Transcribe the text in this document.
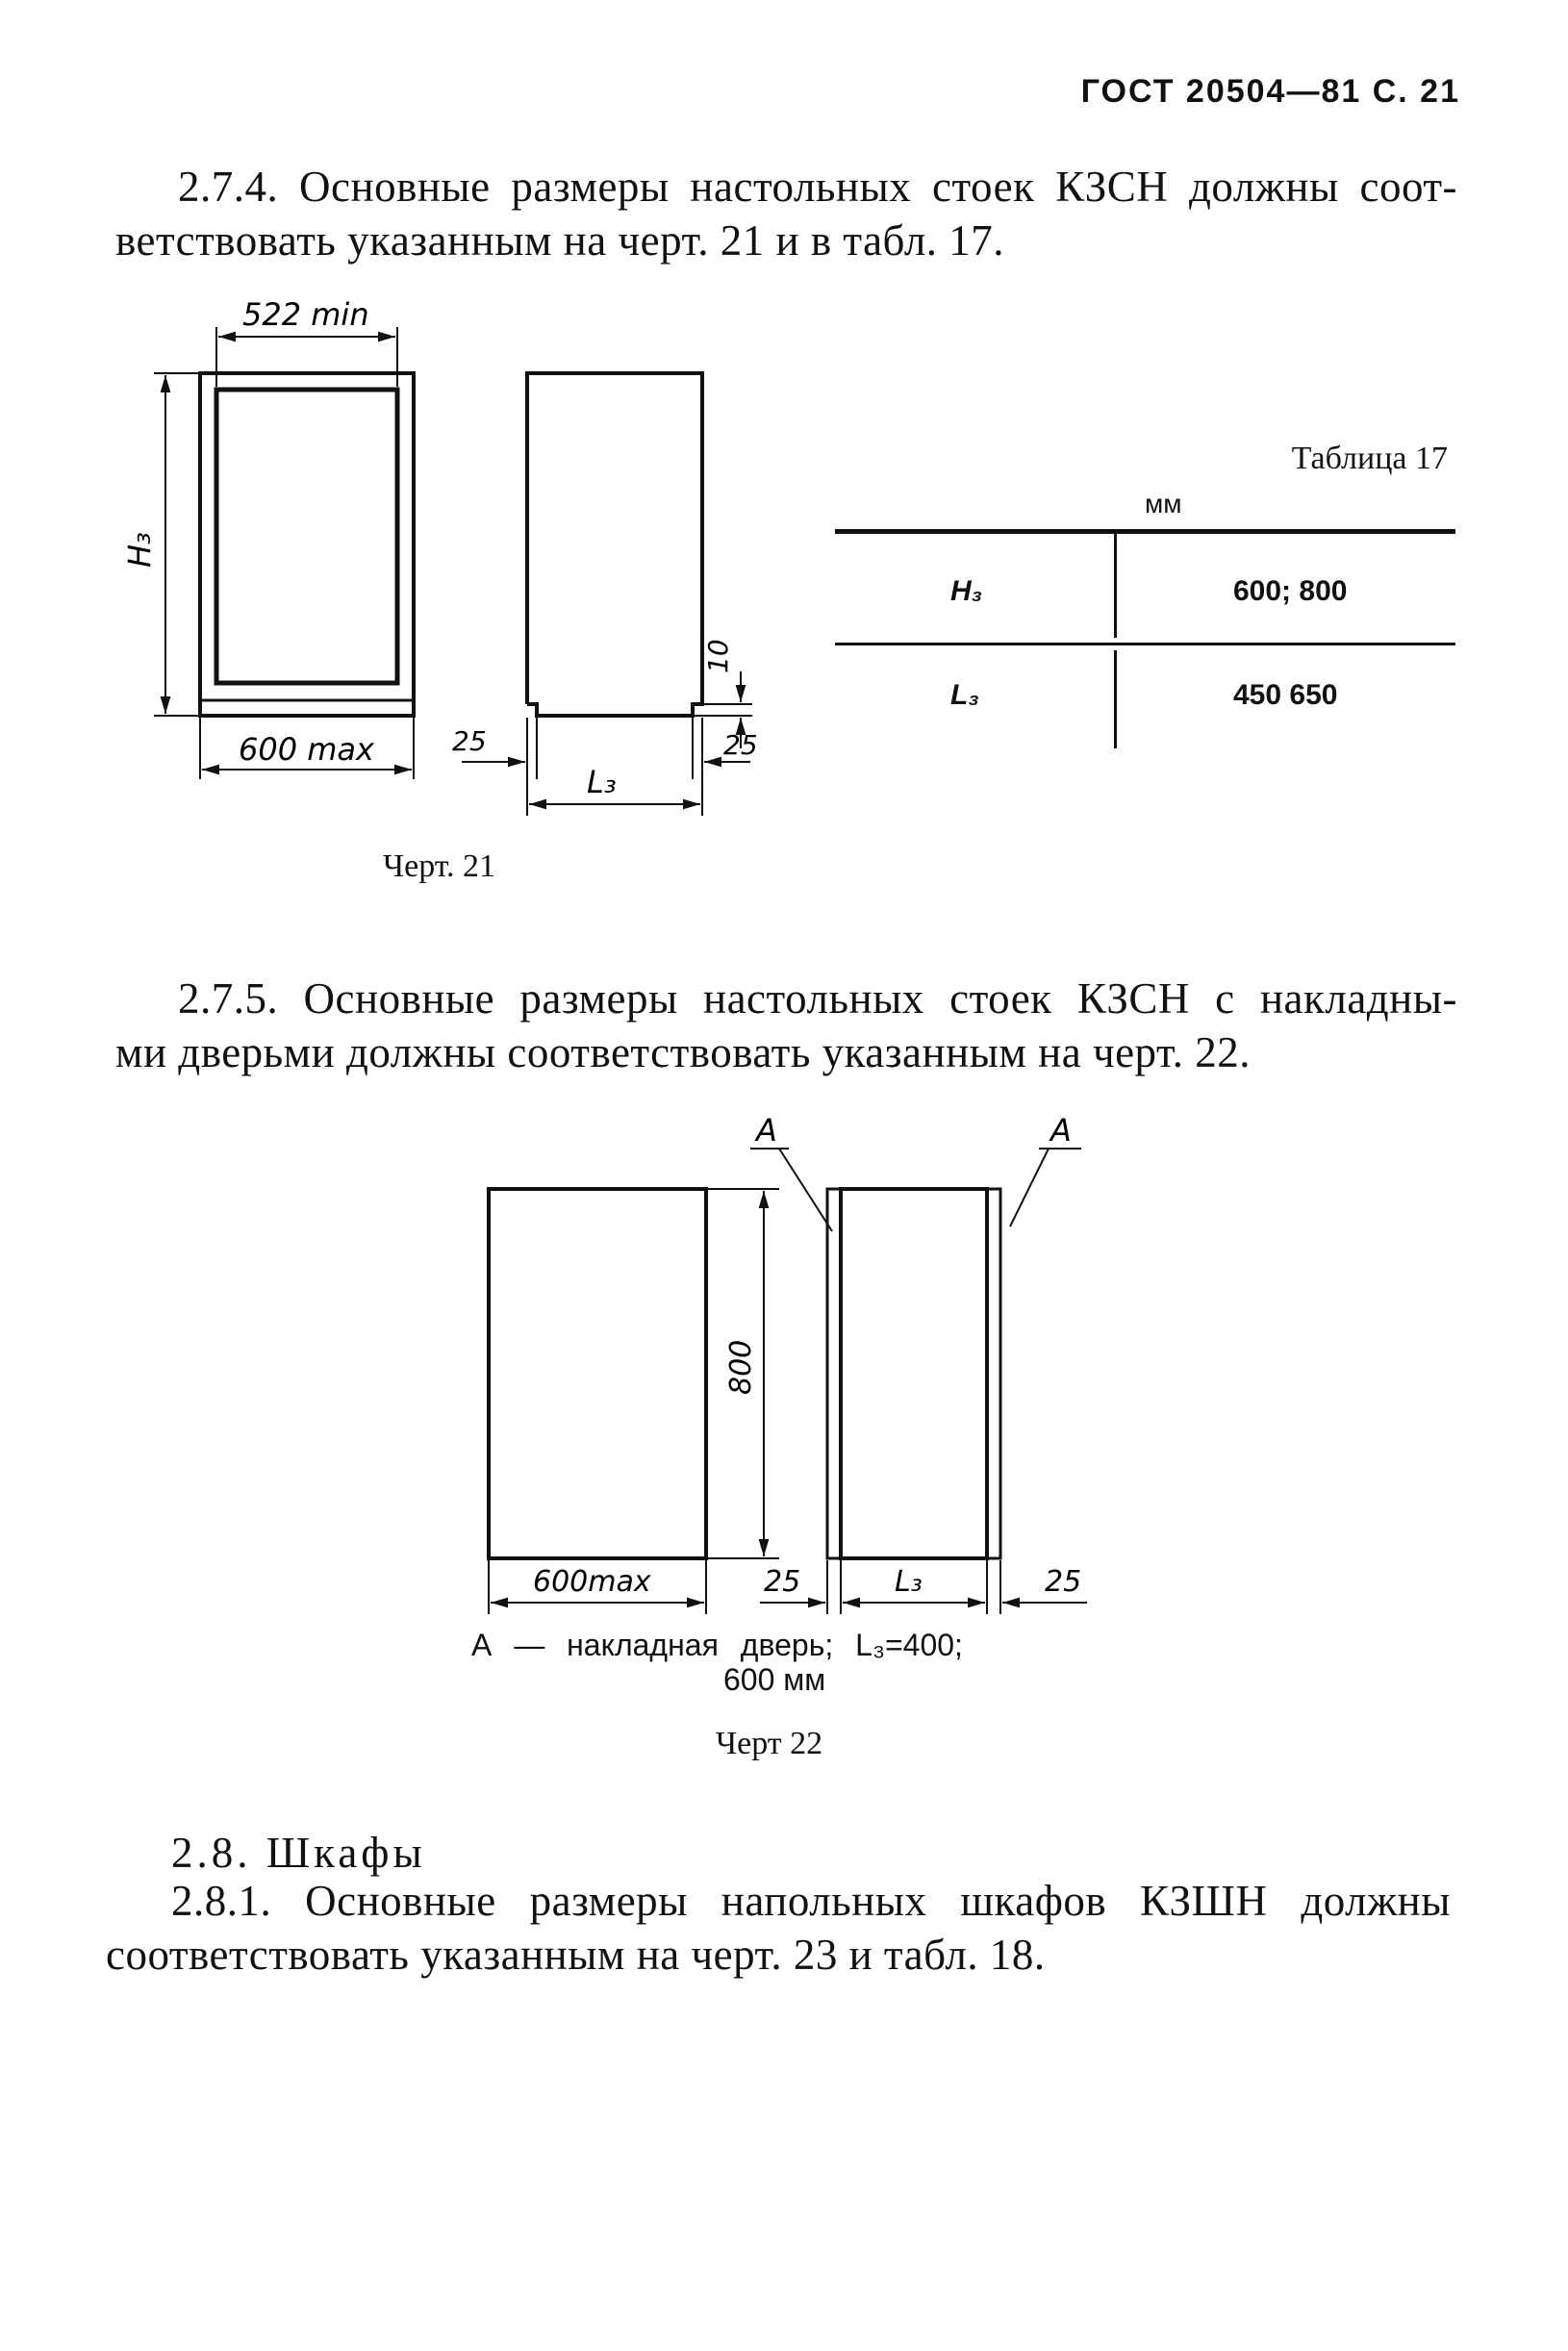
ГОСТ 20504—81 С. 21
2.7.4. Основные размеры настольных стоек КЗСН должны соот-
ветствовать указанным на черт. 21 и в табл. 17.
522 min
H₃
600 max
10
25	25
L₃
Черт. 21
Таблица 17
мм
H₃	600; 800
L₃	450 650
2.7.5. Основные размеры настольных стоек КЗСН с накладны-
ми дверьми должны соответствовать указанным на черт. 22.
А	А
800
600max	25	L₃	25
А — накладная дверь; L₃=400;
600 мм
Черт 22
2.8. Шкафы
2.8.1. Основные размеры напольных шкафов КЗШН должны
соответствовать указанным на черт. 23 и табл. 18.
